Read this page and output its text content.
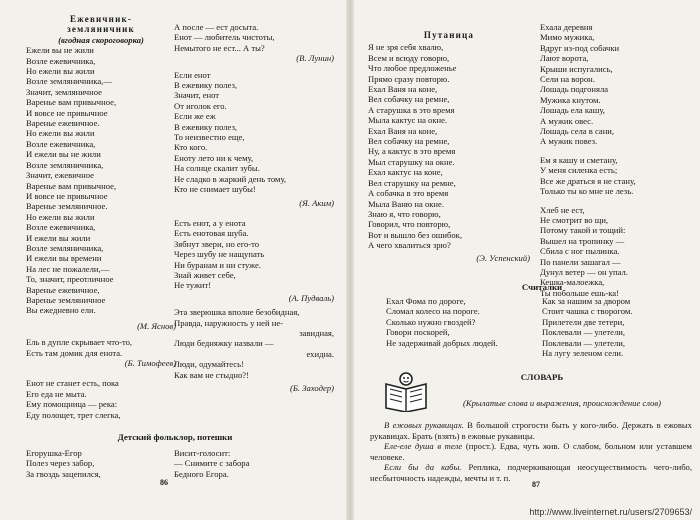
Ежевичник-
земляничник
(вгодная скороговорка)
Ежели вы не жили
Возле ежевичника,
Но ежели вы жили
Возле земляничника,—
Значит, земляничное
Варенье вам привычное,
И вовсе не привычное
Варенье ежевичное.
Но ежели вы жили
Возле ежевичника,
И ежели вы не жили
Возле земляничника,
Значит, ежевичное
Варенье вам привычное,
И вовсе не привычное
Варенье земляничное.
Но ежели вы жили
Возле ежевичника,
И ежели вы жили
Возле земляничника,
И ежели вы времени
На лес не пожалели,—
То, значит, преотличное
Варенье ежевичное,
Варенье земляничное
Вы ежедневно ели.
(М. Яснов)
Ель в дупле скрывает что-то,
Есть там домик для енота.
(Б. Тимофеев)
Енот не станет есть, пока
Его еда не мыта.
Ему помощница — река:
Еду полощет, трет слегка,
А после — ест досыта.
Енот — любитель чистоты,
Немытого не ест... А ты?
(В. Лунин)
Если енот
В ежевику полез,
Значит, енот
От иголок его.
Если же еж
В ежевику полез,
То неизвестно еще,
Кто кого.
Еноту лето ни к чему,
На солнце скалит зубы.
Не сладко в жаркий день тому,
Кто не снимает шубы!
(Я. Аким)
Есть енот, а у енота
Есть енотовая шуба.
Зябнут звери, но его-то
Через шубу не нащупать
Ни буранам и ни стуже.
Знай живет себе,
Не тужит!
(А. Пудваль)
Эта зверюшка вполне безобидная,
Правда, наружность у ней не-
завидная,
Люди бедняжку назвали —
ехидна.
Люди, одумайтесь!
Как вам не стыдно?!
(Б. Заходер)
Детский фольклор, потешки
Егорушка-Егор
Полез через забор,
За гвоздь зацепился,
Висит-голосит:
— Снимите с забора
Бедного Егора.
86
Путаница
Я не зря себя хвалю,
Всем и всюду говорю,
Что любое предложенье
Прямо сразу повторю.
Ехал Ваня на коне,
Вел собачку на ремне,
А старушка в это время
Мыла кактус на окне.
Ехал Ваня на коне,
Вел собачку на ремне,
Ну, а кактус в это время
Мыл старушку на окне.
Ехал кактус на коне,
Вел старушку на ремне,
А собачка в это время
Мыла Ваню на окне.
Знаю я, что говорю,
Говорил, что повторю,
Вот и вышло без ошибок,
А чего хвалиться зрю?
(Э. Успенский)
Ехала деревня
Мимо мужика,
Вдруг из-под собачки
Лают ворота,
Крыши испугались,
Сели на ворон.
Лошадь подгоняла
Мужика кнутом.
Лошадь ела кашу,
А мужик овес.
Лошадь села в сани,
А мужик повез.
Ем я кашу и сметану,
У меня силенка есть;
Все же драться я не стану,
Только ты ко мне не лезь.
Хлеб не ест,
Не смотрит во щи,
Потому такой и тощий:
Вышел на тропинку —
Сбила с ног пылинка.
По панели зашагал —
Дунул ветер — он упал.
Кешка-малоежка,
Ты побольше ешь-ка!
Считалки
Ехал Фома по дороге,
Сломал колесо на пороге.
Сколько нужно гвоздей?
Говори поскорей,
Не задерживай добрых людей.
Как за нашим за двором
Стоит чашка с творогом.
Прилетели две тетери,
Поклевали — улетели,
Поклевали — улетели,
На лугу зеленом сели.
СЛОВАРЬ
(Крылатые слова и выражения, происхождение слов)

В ежовых рукавицах. В большой строгости быть у кого-либо. Держать в ежовых рукавицах. Брать (взять) в ежовые рукавицы.

Еле-еле душа в теле (прост.). Едва, чуть жив. О слабом, больном или уставшем человеке.

Если бы да кабы. Реплика, подчеркивающая неосуществимость чего-либо, несбыточность надежды, мечты и т. п.

87
http://www.liveinternet.ru/users/2709653/
